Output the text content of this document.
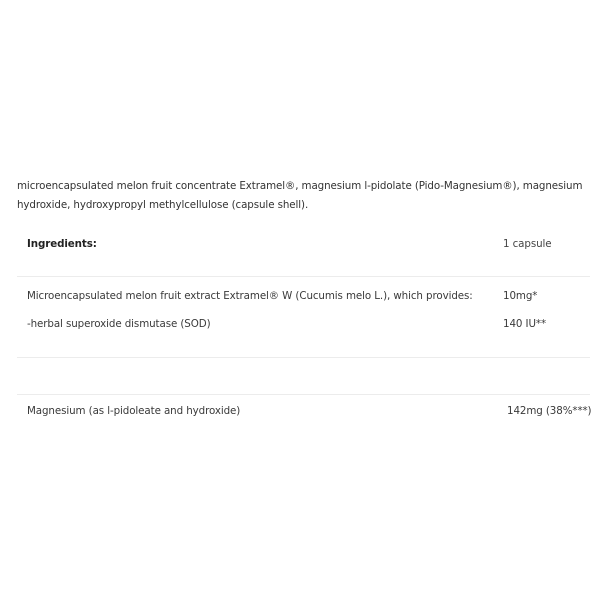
microencapsulated melon fruit concentrate Extramel®, magnesium l-pidolate (Pido-Magnesium®), magnesium hydroxide, hydroxypropyl methylcellulose (capsule shell).
Ingredients:	1 capsule
Microencapsulated melon fruit extract Extramel® W (Cucumis melo L.), which provides:	10mg*
-herbal superoxide dismutase (SOD)	140 IU**
Magnesium (as l-pidoleate and hydroxide)	142mg (38%***)
